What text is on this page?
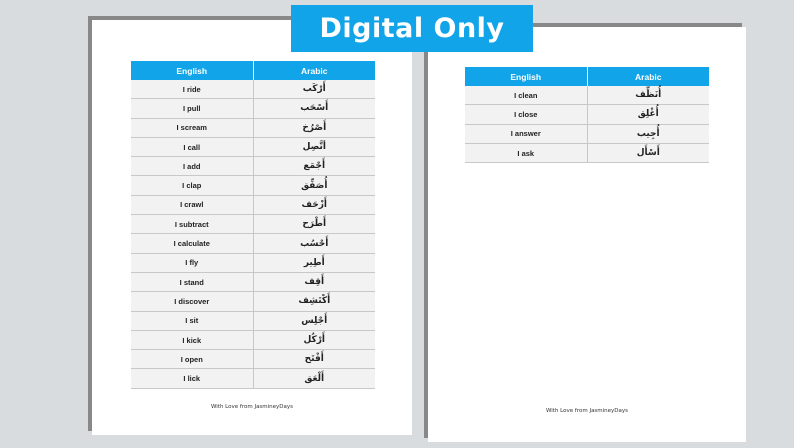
English	Arabic
I ride	أَرْكَب
I pull	أَسْحَب
I scream	أَصْرُخ
I call	أتَّصِل
I add	أَجْمَع
I clap	أُصَفِّق
I crawl	أَزْحَف
I subtract	أَطْرَح
I calculate	أَحْسُب
I fly	أَطِير
I stand	أَقِف
I discover	أَكْتَشِف
I sit	أَجْلِس
I kick	أَرْكُل
I open	أَفْتَح
I lick	أَلْعَق
With Love from JasmineyDays
English	Arabic
I clean	أُنَظِّف
I close	أُغْلِق
I answer	أُجِيب
I ask	أَسْأَل
With Love from JasmineyDays
Digital Only
